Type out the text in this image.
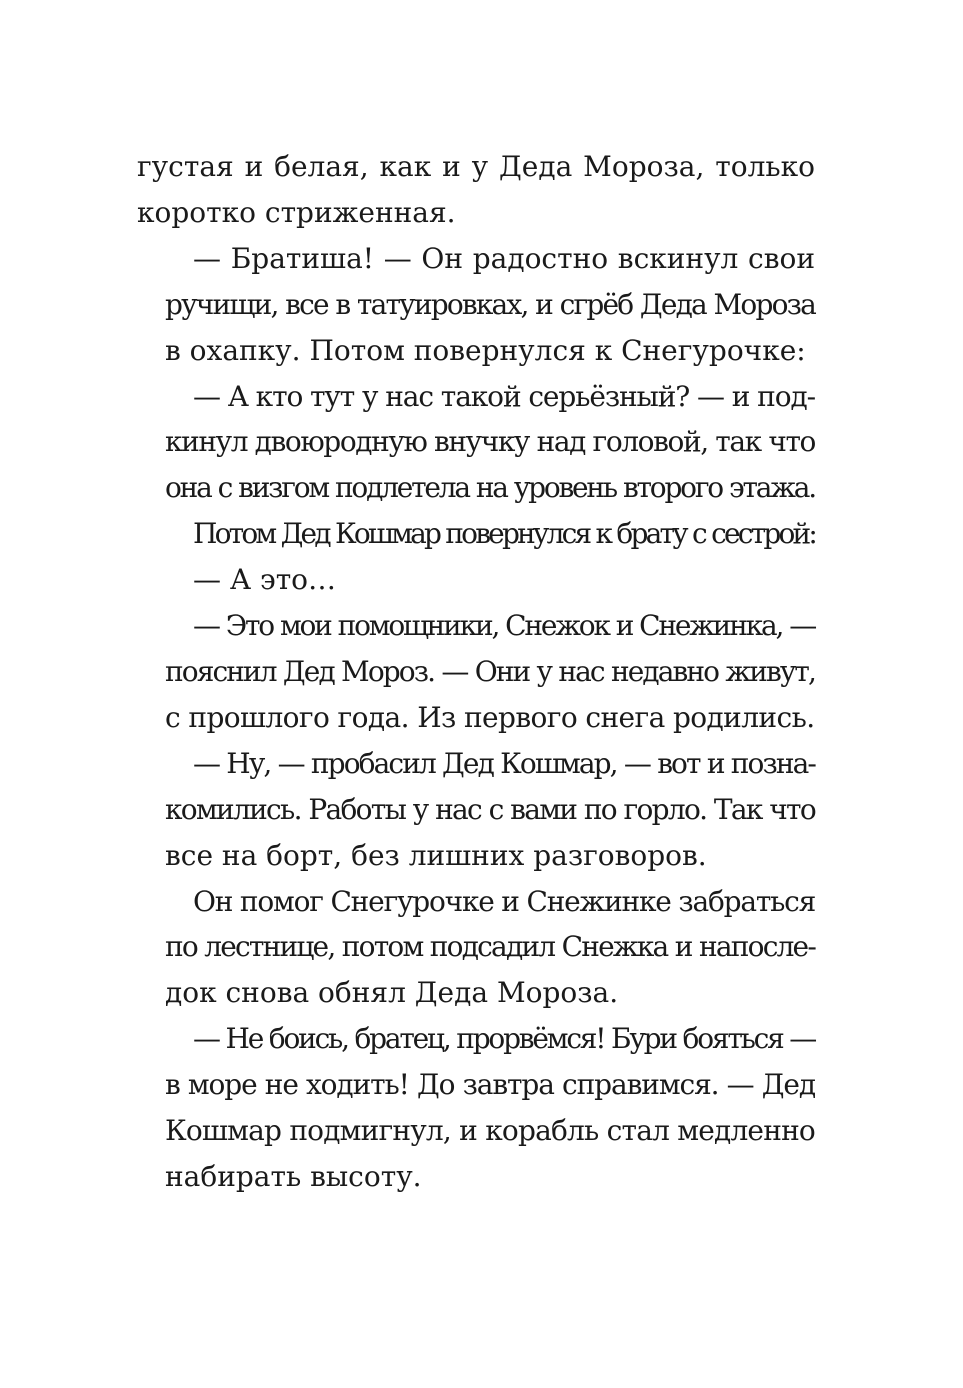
густая и белая, как и у Деда Мороза, только
коротко стриженная.
— Братиша! — Он радостно вскинул свои
ручищи, все в татуировках, и сгрёб Деда Мороза
в охапку. Потом повернулся к Снегурочке:
— А кто тут у нас такой серьёзный? — и под-
кинул двоюродную внучку над головой, так что
она с визгом подлетела на уровень второго этажа.
Потом Дед Кошмар повернулся к брату с сестрой:
— А это…
— Это мои помощники, Снежок и Снежинка, —
пояснил Дед Мороз. — Они у нас недавно живут,
с прошлого года. Из первого снега родились.
— Ну, — пробасил Дед Кошмар, — вот и позна-
комились. Работы у нас с вами по горло. Так что
все на борт, без лишних разговоров.
Он помог Снегурочке и Снежинке забраться
по лестнице, потом подсадил Снежка и напосле-
док снова обнял Деда Мороза.
— Не боись, братец, прорвёмся! Бури бояться —
в море не ходить! До завтра справимся. — Дед
Кошмар подмигнул, и корабль стал медленно
набирать высоту.
